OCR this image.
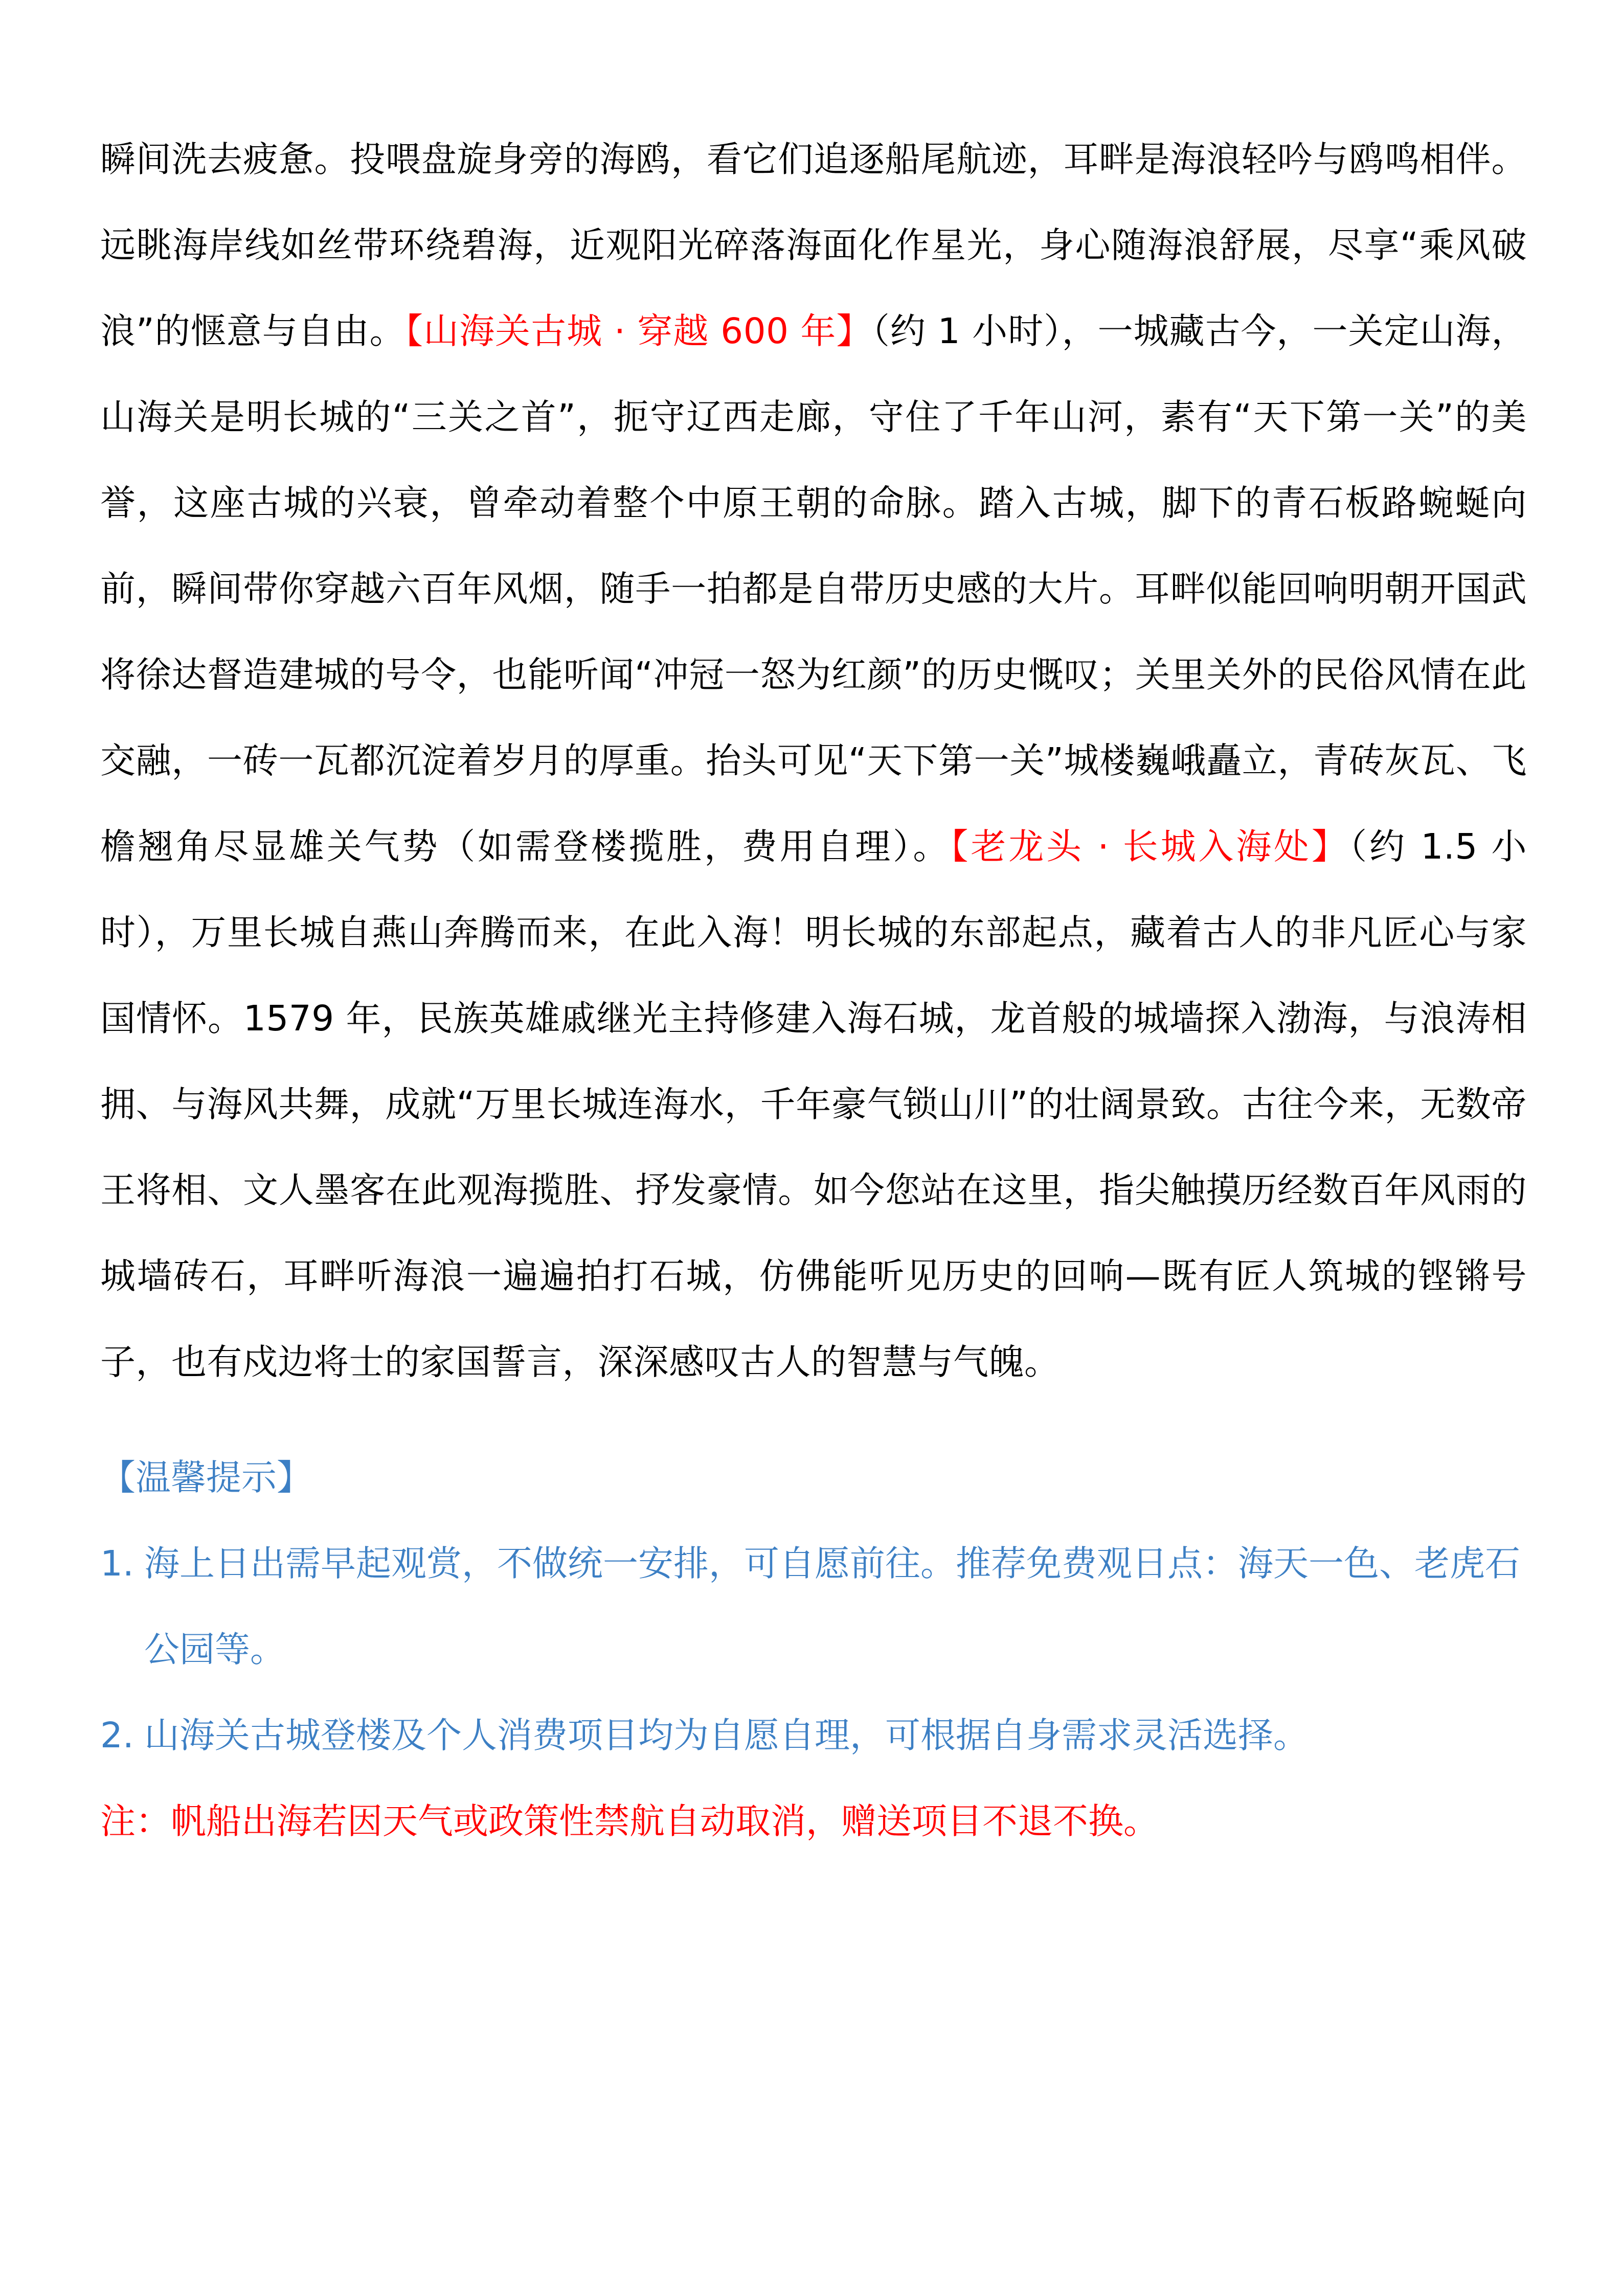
瞬间洗去疲惫。投喂盘旋身旁的海鸥，看它们追逐船尾航迹，耳畔是海浪轻吟与鸥鸣相伴。远眺海岸线如丝带环绕碧海，近观阳光碎落海面化作星光，身心随海浪舒展，尽享“乘风破浪”的惬意与自由。【山海关古城 · 穿越 600 年】（约 1 小时），一城藏古今，一关定山海，山海关是明长城的“三关之首”，扼守辽西走廊，守住了千年山河，素有“天下第一关”的美誉，这座古城的兴衰，曾牵动着整个中原王朝的命脉。踏入古城，脚下的青石板路蜿蜒向前，瞬间带你穿越六百年风烟，随手一拍都是自带历史感的大片。耳畔似能回响明朝开国武将徐达督造建城的号令，也能听闻“冲冠一怒为红颜”的历史慨叹；关里关外的民俗风情在此交融，一砖一瓦都沉淀着岁月的厚重。抬头可见“天下第一关”城楼巍峨矗立，青砖灰瓦、飞檐翘角尽显雄关气势（如需登楼揽胜，费用自理）。【老龙头 · 长城入海处】（约 1.5 小时），万里长城自燕山奔腾而来，在此入海！明长城的东部起点，藏着古人的非凡匠心与家国情怀。1579 年，民族英雄戚继光主持修建入海石城，龙首般的城墙探入渤海，与浪涛相拥、与海风共舞，成就“万里长城连海水，千年豪气锁山川”的壮阔景致。古往今来，无数帝王将相、文人墨客在此观海揽胜、抒发豪情。如今您站在这里，指尖触摸历经数百年风雨的城墙砖石，耳畔听海浪一遍遍拍打石城，仿佛能听见历史的回响—既有匠人筑城的铿锵号子，也有戍边将士的家国誓言，深深感叹古人的智慧与气魄。

【温馨提示】
1. 海上日出需早起观赏，不做统一安排，可自愿前往。推荐免费观日点：海天一色、老虎石公园等。
2. 山海关古城登楼及个人消费项目均为自愿自理，可根据自身需求灵活选择。
注：帆船出海若因天气或政策性禁航自动取消，赠送项目不退不换。
